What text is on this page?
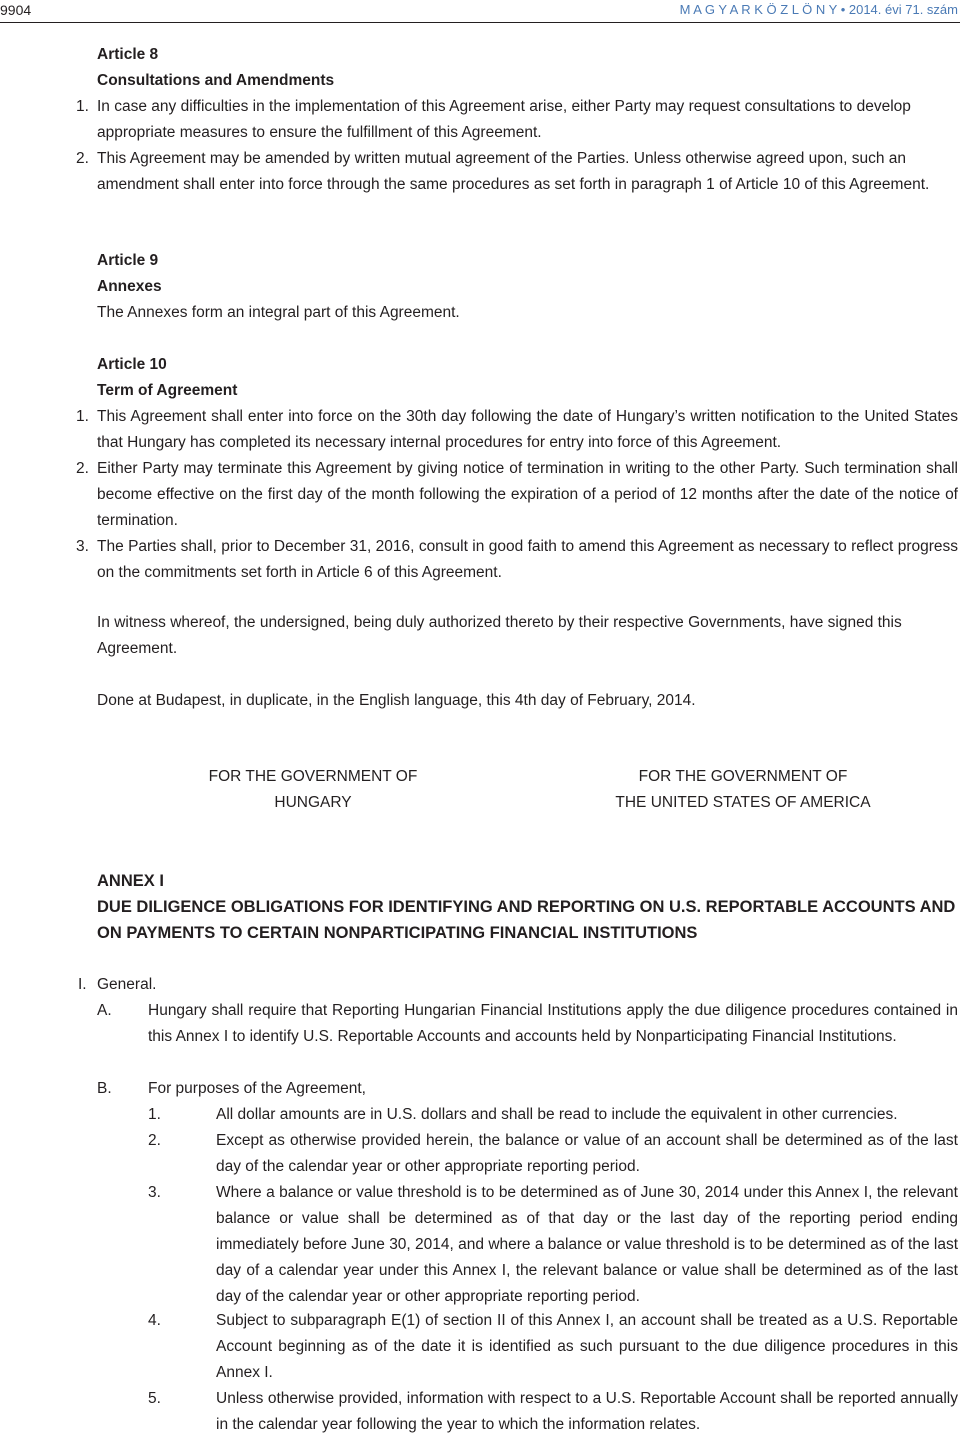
9904	M A G Y A R K Ö Z L Ö N Y • 2014. évi 71. szám
Article 8
Consultations and Amendments
1. In case any difficulties in the implementation of this Agreement arise, either Party may request consultations to develop appropriate measures to ensure the fulfillment of this Agreement.
2. This Agreement may be amended by written mutual agreement of the Parties. Unless otherwise agreed upon, such an amendment shall enter into force through the same procedures as set forth in paragraph 1 of Article 10 of this Agreement.
Article 9
Annexes
The Annexes form an integral part of this Agreement.
Article 10
Term of Agreement
1. This Agreement shall enter into force on the 30th day following the date of Hungary’s written notification to the United States that Hungary has completed its necessary internal procedures for entry into force of this Agreement.
2. Either Party may terminate this Agreement by giving notice of termination in writing to the other Party. Such termination shall become effective on the first day of the month following the expiration of a period of 12 months after the date of the notice of termination.
3. The Parties shall, prior to December 31, 2016, consult in good faith to amend this Agreement as necessary to reflect progress on the commitments set forth in Article 6 of this Agreement.
In witness whereof, the undersigned, being duly authorized thereto by their respective Governments, have signed this Agreement.
Done at Budapest, in duplicate, in the English language, this 4th day of February, 2014.
FOR THE GOVERNMENT OF
HUNGARY
FOR THE GOVERNMENT OF
THE UNITED STATES OF AMERICA
ANNEX I
DUE DILIGENCE OBLIGATIONS FOR IDENTIFYING AND REPORTING ON U.S. REPORTABLE ACCOUNTS AND ON PAYMENTS TO CERTAIN NONPARTICIPATING FINANCIAL INSTITUTIONS
I. General.
A. Hungary shall require that Reporting Hungarian Financial Institutions apply the due diligence procedures contained in this Annex I to identify U.S. Reportable Accounts and accounts held by Nonparticipating Financial Institutions.
B. For purposes of the Agreement,
1.	All dollar amounts are in U.S. dollars and shall be read to include the equivalent in other currencies.
2.	Except as otherwise provided herein, the balance or value of an account shall be determined as of the last day of the calendar year or other appropriate reporting period.
3.	Where a balance or value threshold is to be determined as of June 30, 2014 under this Annex I, the relevant balance or value shall be determined as of that day or the last day of the reporting period ending immediately before June 30, 2014, and where a balance or value threshold is to be determined as of the last day of a calendar year under this Annex I, the relevant balance or value shall be determined as of the last day of the calendar year or other appropriate reporting period.
4.	Subject to subparagraph E(1) of section II of this Annex I, an account shall be treated as a U.S. Reportable Account beginning as of the date it is identified as such pursuant to the due diligence procedures in this Annex I.
5.	Unless otherwise provided, information with respect to a U.S. Reportable Account shall be reported annually in the calendar year following the year to which the information relates.
